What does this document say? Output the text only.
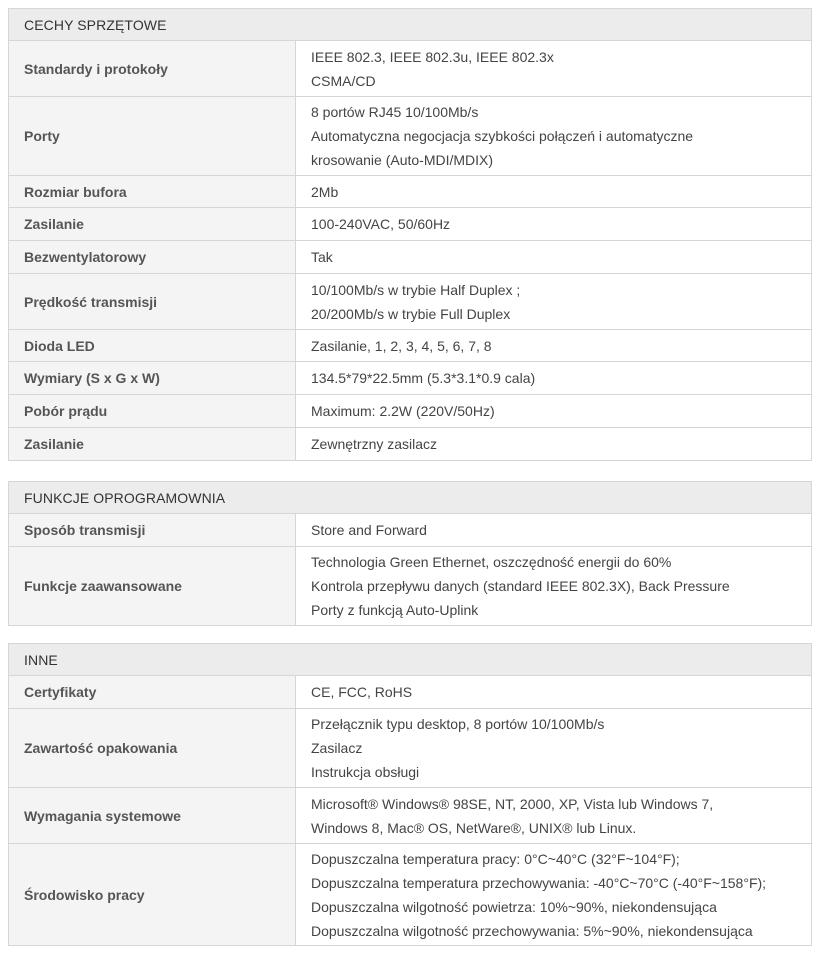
CECHY SPRZĘTOWE	
Standardy i protokoły	IEEE 802.3, IEEE 802.3u, IEEE 802.3x
CSMA/CD

Porty	8 portów RJ45 10/100Mb/s
Automatyczna negocjacja szybkości połączeń i automatyczne
krosowanie (Auto-MDI/MDIX)

Rozmiar bufora	2Mb

Zasilanie	100-240VAC, 50/60Hz

Bezwentylatorowy	Tak

Prędkość transmisji	10/100Mb/s w trybie Half Duplex ;
20/200Mb/s w trybie Full Duplex

Dioda LED	Zasilanie, 1, 2, 3, 4, 5, 6, 7, 8

Wymiary (S x G x W)	134.5*79*22.5mm (5.3*3.1*0.9 cala)

Pobór prądu	Maximum: 2.2W (220V/50Hz)

Zasilanie	Zewnętrzny zasilacz
FUNKCJE OPROGRAMOWNIA	
Sposób transmisji	Store and Forward

Funkcje zaawansowane	Technologia Green Ethernet, oszczędność energii do 60%
Kontrola przepływu danych (standard IEEE 802.3X), Back Pressure
Porty z funkcją Auto-Uplink
INNE	
Certyfikaty	CE, FCC, RoHS

Zawartość opakowania	Przełącznik typu desktop, 8 portów 10/100Mb/s
Zasilacz
Instrukcja obsługi

Wymagania systemowe	Microsoft® Windows® 98SE, NT, 2000, XP, Vista lub Windows 7,
Windows 8, Mac® OS, NetWare®, UNIX® lub Linux.

Środowisko pracy	Dopuszczalna temperatura pracy: 0°C~40°C (32°F~104°F);
Dopuszczalna temperatura przechowywania: -40°C~70°C (-40°F~158°F);
Dopuszczalna wilgotność powietrza: 10%~90%, niekondensująca
Dopuszczalna wilgotność przechowywania: 5%~90%, niekondensująca
